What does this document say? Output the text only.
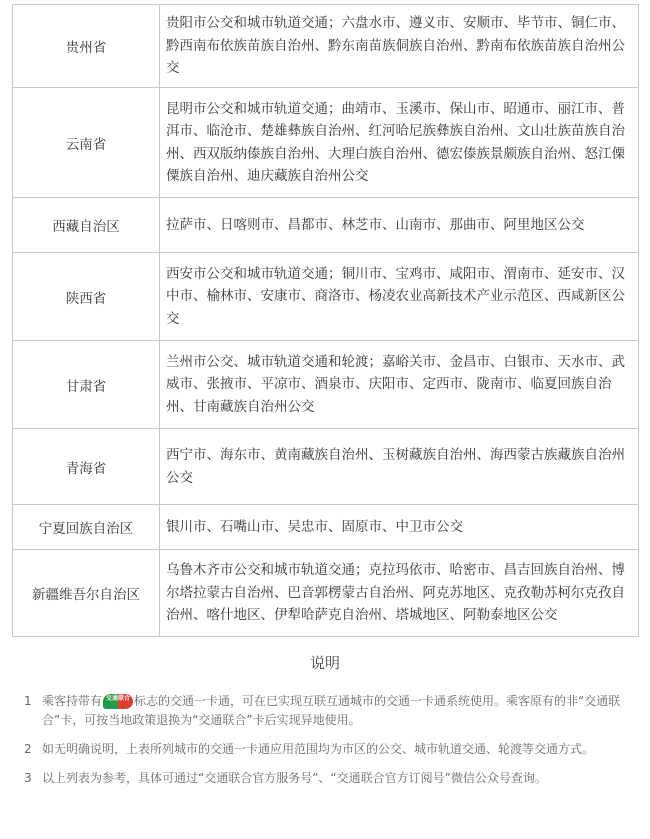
贵州省	贵阳市公交和城市轨道交通；六盘水市、遵义市、安顺市、毕节市、铜仁市、黔西南布依族苗族自治州、黔东南苗族侗族自治州、黔南布依族苗族自治州公交
云南省	昆明市公交和城市轨道交通；曲靖市、玉溪市、保山市、昭通市、丽江市、普洱市、临沧市、楚雄彝族自治州、红河哈尼族彝族自治州、文山壮族苗族自治州、西双版纳傣族自治州、大理白族自治州、德宏傣族景颇族自治州、怒江傈僳族自治州、迪庆藏族自治州公交
西藏自治区	拉萨市、日喀则市、昌都市、林芝市、山南市、那曲市、阿里地区公交
陕西省	西安市公交和城市轨道交通；铜川市、宝鸡市、咸阳市、渭南市、延安市、汉中市、榆林市、安康市、商洛市、杨凌农业高新技术产业示范区、西咸新区公交
甘肃省	兰州市公交、城市轨道交通和轮渡；嘉峪关市、金昌市、白银市、天水市、武威市、张掖市、平凉市、酒泉市、庆阳市、定西市、陇南市、临夏回族自治州、甘南藏族自治州公交
青海省	西宁市、海东市、黄南藏族自治州、玉树藏族自治州、海西蒙古族藏族自治州公交
宁夏回族自治区	银川市、石嘴山市、吴忠市、固原市、中卫市公交
新疆维吾尔自治区	乌鲁木齐市公交和城市轨道交通；克拉玛依市、哈密市、昌吉回族自治州、博尔塔拉蒙古自治州、巴音郭楞蒙古自治州、阿克苏地区、克孜勒苏柯尔克孜自治州、喀什地区、伊犁哈萨克自治州、塔城地区、阿勒泰地区公交
说明
1 乘客持带有 交通联合 标志的交通一卡通，可在已实现互联互通城市的交通一卡通系统使用。乘客原有的非“交通联合”卡，可按当地政策退换为“交通联合”卡后实现异地使用。
2 如无明确说明，上表所列城市的交通一卡通应用范围均为市区的公交、城市轨道交通、轮渡等交通方式。
3 以上列表为参考，具体可通过“交通联合官方服务号”、“交通联合官方订阅号”微信公众号查询。
